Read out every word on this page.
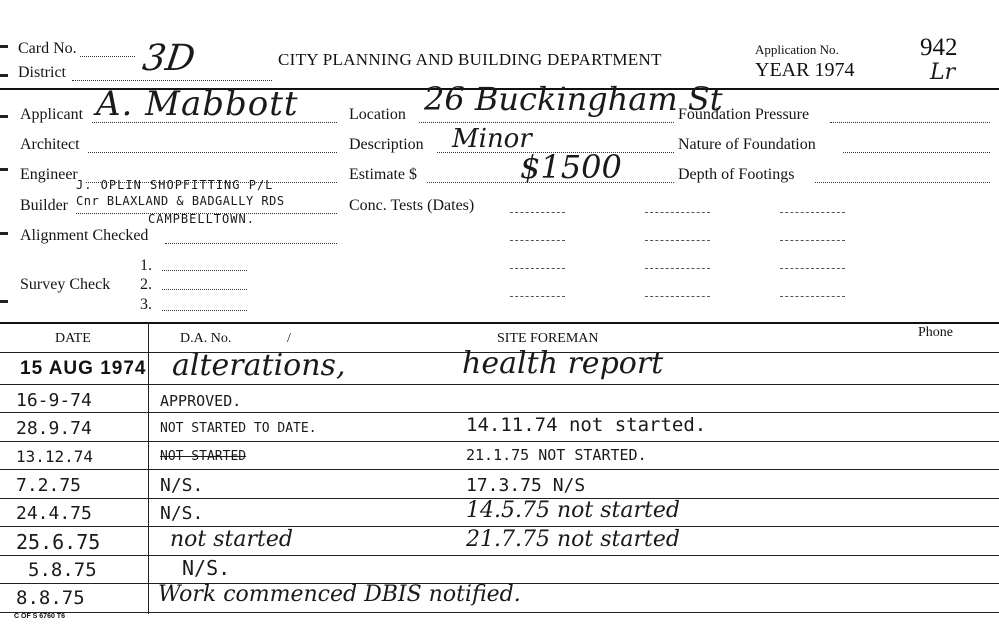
Card No.
District 3D	CITY PLANNING AND BUILDING DEPARTMENT
Application No.
YEAR 1974
942
Lr
Applicant A. Mabbott
Architect
Engineer
J. OPLIN SHOPFITTING P/L
Builder Cnr BLAXLAND & BADGALLY RDS
CAMPBELLTOWN.
Alignment Checked
1.
Survey Check 2.
3.
Location 26 Buckingham St
Description Minor
Estimate $	$1500
Conc. Tests (Dates)
Foundation Pressure
Nature of Foundation
Depth of Footings
DATE	D.A. No.	/	SITE FOREMAN	Phone
15 AUG 1974 alterations,	health report
16-9-74	APPROVED.
28.9.74	NOT STARTED TO DATE.	14.11.74 not started.
13.12.74	NOT STARTED	21.1.75 NOT STARTED.
7.2.75	N/S.	17.3.75 N/S
24.4.75	N/S.	14.5.75 not started
25.6.75	not started	21.7.75 not started
5.8.75	N/S.
8.8.75	Work commenced DBIS notified.
C OF S 6760 T6
